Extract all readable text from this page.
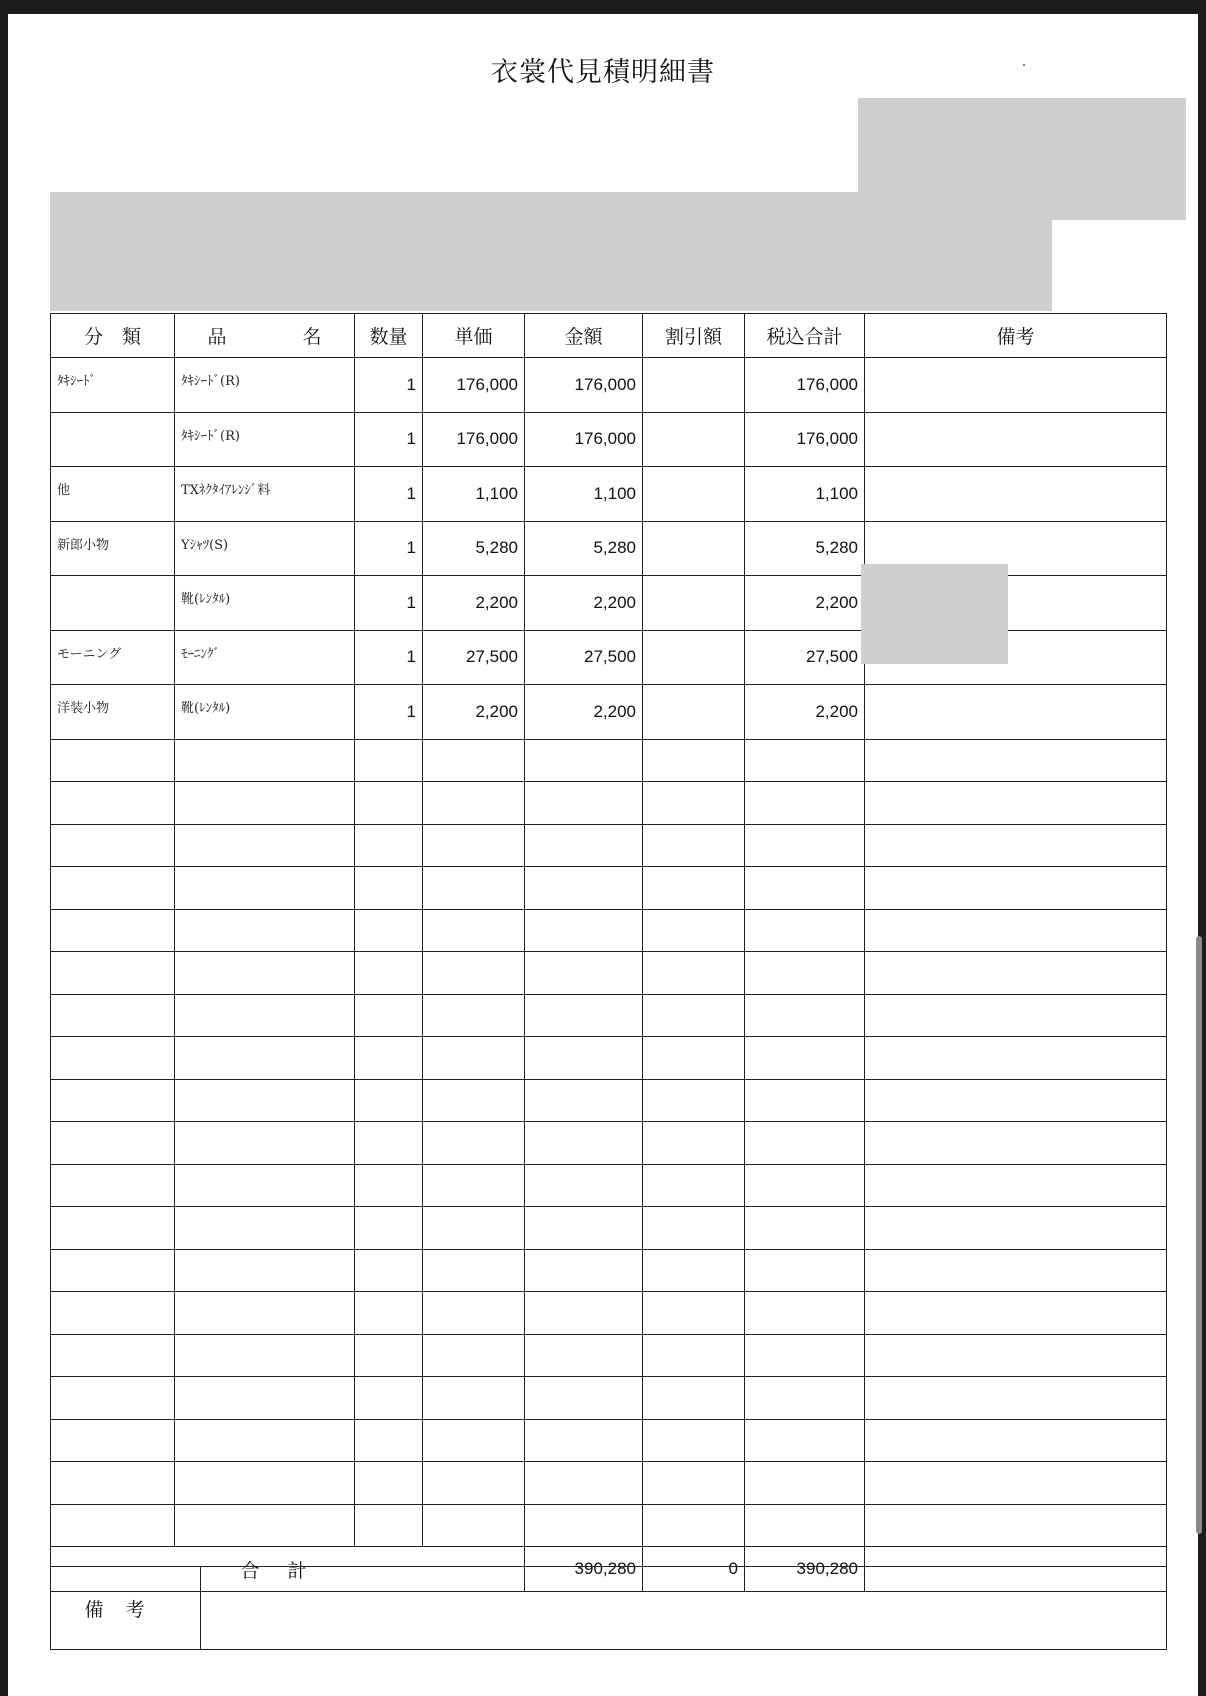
衣裳代見積明細書
分　類	品　　　　名	数量	単価	金額	割引額	税込合計	備考
ﾀｷｼｰﾄﾞ	ﾀｷｼｰﾄﾞ(R)	1	176,000	176,000		176,000	
	ﾀｷｼｰﾄﾞ(R)	1	176,000	176,000		176,000	
他	TXﾈｸﾀｲｱﾚﾝｼﾞ料	1	1,100	1,100		1,100	
新郎小物	Yｼｬﾂ(S)	1	5,280	5,280		5,280	
	靴(ﾚﾝﾀﾙ)	1	2,200	2,200		2,200	
モーニング	ﾓｰﾆﾝｸﾞ	1	27,500	27,500		27,500	
洋装小物	靴(ﾚﾝﾀﾙ)	1	2,200	2,200		2,200	

合計				390,280	0	390,280	
備考	
